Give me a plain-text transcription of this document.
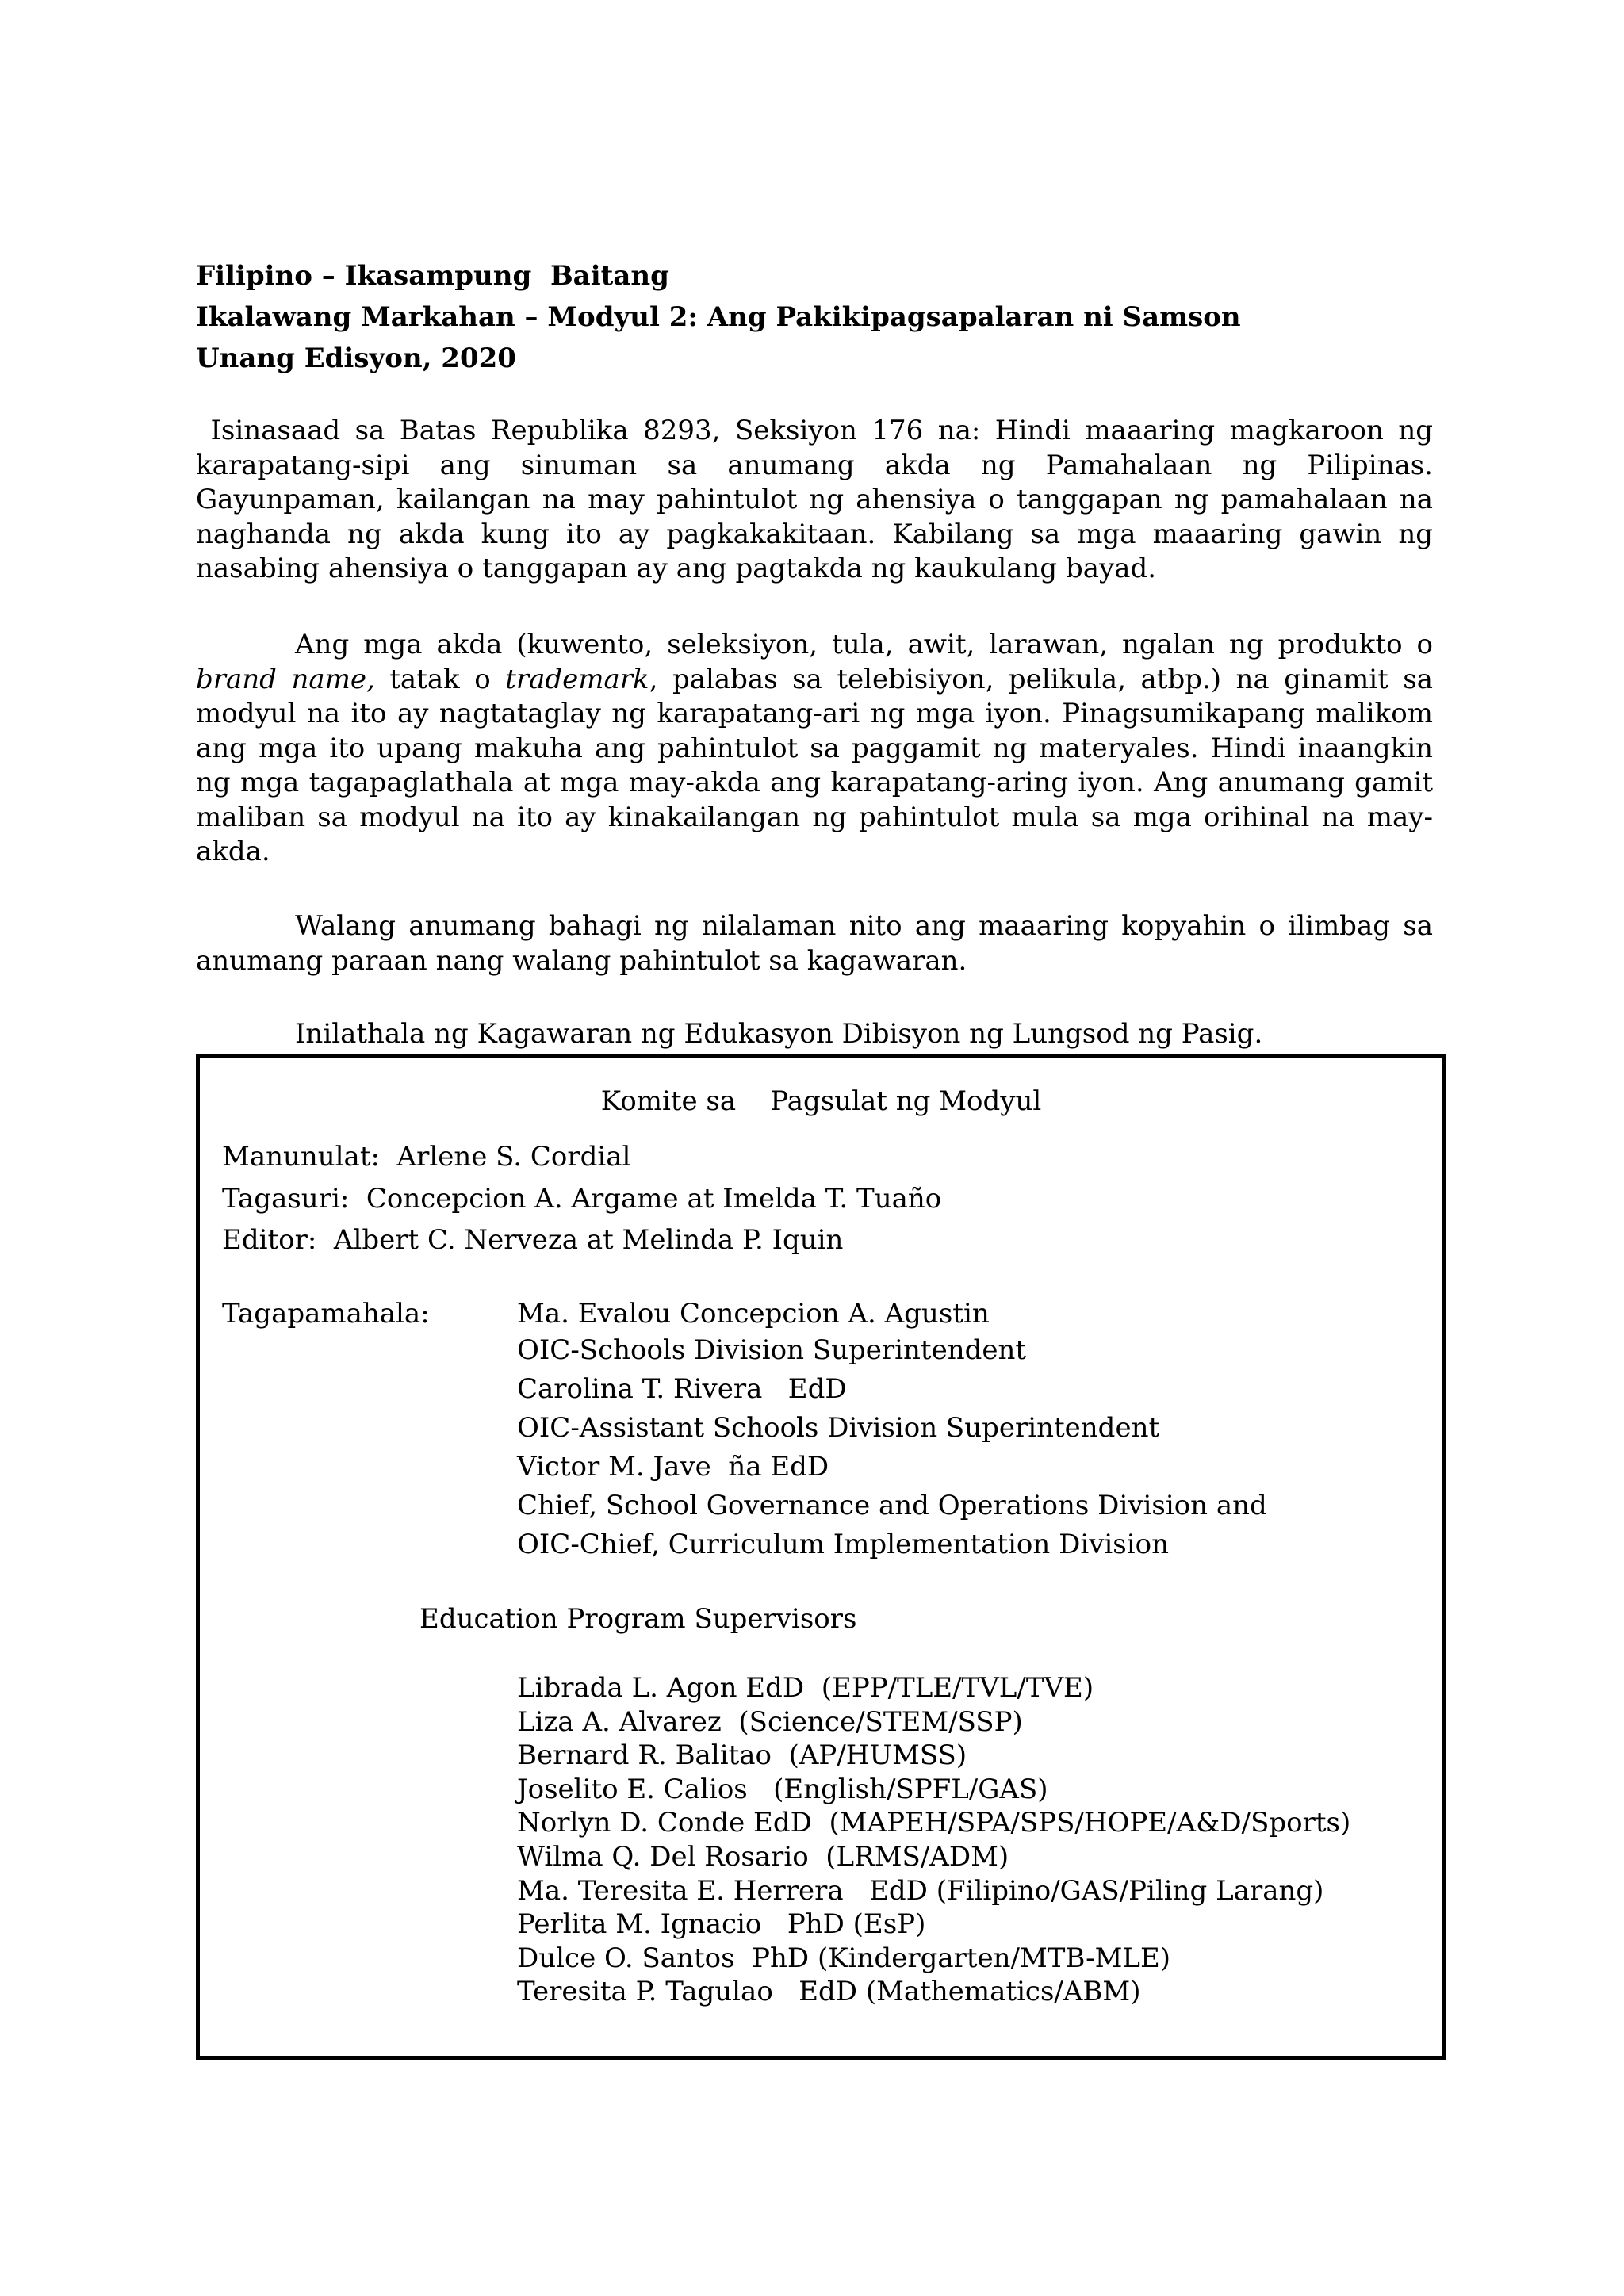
Filipino – Ikasampung  Baitang
Ikalawang Markahan – Modyul 2: Ang Pakikipagsapalaran ni Samson
Unang Edisyon, 2020
Isinasaad sa Batas Republika 8293, Seksiyon 176 na: Hindi maaaring magkaroon ng
karapatang-sipi ang sinuman sa anumang akda ng Pamahalaan ng Pilipinas.
Gayunpaman, kailangan na may pahintulot ng ahensiya o tanggapan ng pamahalaan na
naghanda ng akda kung ito ay pagkakakitaan. Kabilang sa mga maaaring gawin ng
nasabing ahensiya o tanggapan ay ang pagtakda ng kaukulang bayad.
Ang mga akda (kuwento, seleksiyon, tula, awit, larawan, ngalan ng produkto o
brand name, tatak o trademark, palabas sa telebisiyon, pelikula, atbp.) na ginamit sa
modyul na ito ay nagtataglay ng karapatang-ari ng mga iyon. Pinagsumikapang malikom
ang mga ito upang makuha ang pahintulot sa paggamit ng materyales. Hindi inaangkin
ng mga tagapaglathala at mga may-akda ang karapatang-aring iyon. Ang anumang gamit
maliban sa modyul na ito ay kinakailangan ng pahintulot mula sa mga orihinal na may-
akda.
Walang anumang bahagi ng nilalaman nito ang maaaring kopyahin o ilimbag sa
anumang paraan nang walang pahintulot sa kagawaran.
Inilathala ng Kagawaran ng Edukasyon Dibisyon ng Lungsod ng Pasig.
Komite sa    Pagsulat ng Modyul
Manunulat:  Arlene S. Cordial
Tagasuri:  Concepcion A. Argame at Imelda T. Tuaño
Editor:  Albert C. Nerveza at Melinda P. Iquin
Tagapamahala:	Ma. Evalou Concepcion A. Agustin
OIC-Schools Division Superintendent
Carolina T. Rivera   EdD
OIC-Assistant Schools Division Superintendent
Victor M. Jave  ña EdD
Chief, School Governance and Operations Division and
OIC-Chief, Curriculum Implementation Division
Education Program Supervisors
Librada L. Agon EdD  (EPP/TLE/TVL/TVE)
Liza A. Alvarez  (Science/STEM/SSP)
Bernard R. Balitao  (AP/HUMSS)
Joselito E. Calios   (English/SPFL/GAS)
Norlyn D. Conde EdD  (MAPEH/SPA/SPS/HOPE/A&D/Sports)
Wilma Q. Del Rosario  (LRMS/ADM)
Ma. Teresita E. Herrera   EdD (Filipino/GAS/Piling Larang)
Perlita M. Ignacio   PhD (EsP)
Dulce O. Santos  PhD (Kindergarten/MTB-MLE)
Teresita P. Tagulao   EdD (Mathematics/ABM)
